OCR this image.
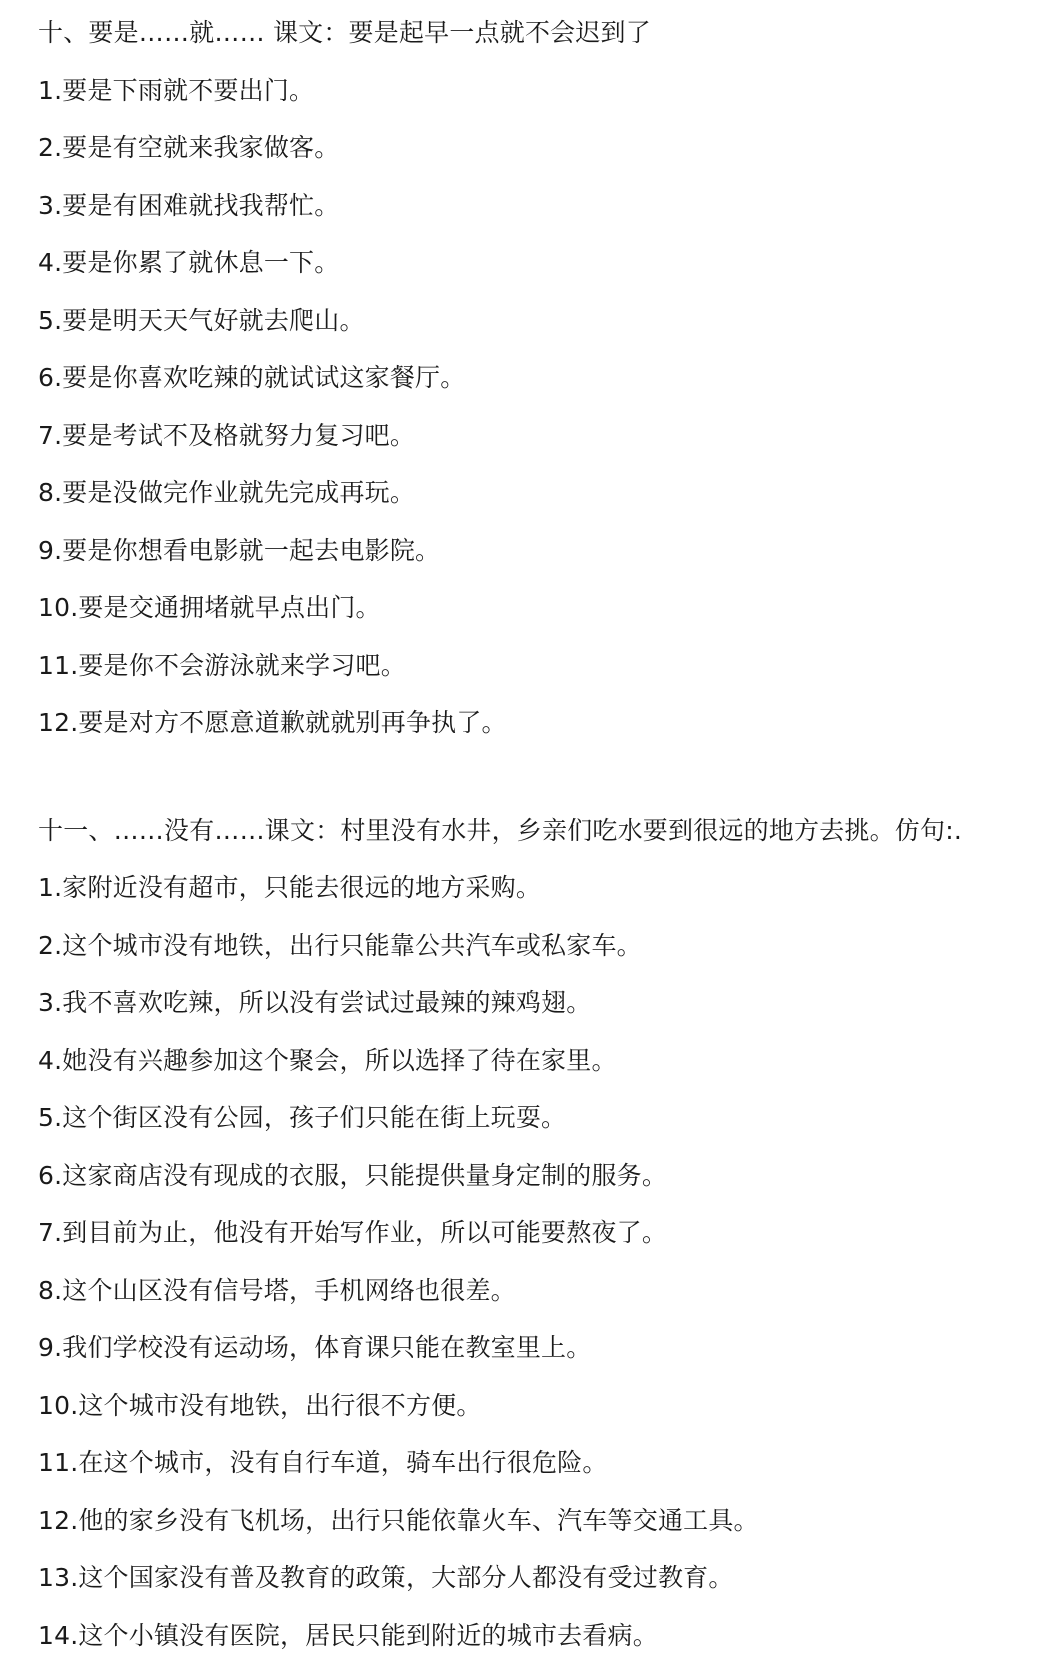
十、要是……就…… 课文：要是起早一点就不会迟到了
1.要是下雨就不要出门。
2.要是有空就来我家做客。
3.要是有困难就找我帮忙。
4.要是你累了就休息一下。
5.要是明天天气好就去爬山。
6.要是你喜欢吃辣的就试试这家餐厅。
7.要是考试不及格就努力复习吧。
8.要是没做完作业就先完成再玩。
9.要是你想看电影就一起去电影院。
10.要是交通拥堵就早点出门。
11.要是你不会游泳就来学习吧。
12.要是对方不愿意道歉就就别再争执了。
十一、……没有……课文：村里没有水井，乡亲们吃水要到很远的地方去挑。仿句:.
1.家附近没有超市，只能去很远的地方采购。
2.这个城市没有地铁，出行只能靠公共汽车或私家车。
3.我不喜欢吃辣，所以没有尝试过最辣的辣鸡翅。
4.她没有兴趣参加这个聚会，所以选择了待在家里。
5.这个街区没有公园，孩子们只能在街上玩耍。
6.这家商店没有现成的衣服，只能提供量身定制的服务。
7.到目前为止，他没有开始写作业，所以可能要熬夜了。
8.这个山区没有信号塔，手机网络也很差。
9.我们学校没有运动场，体育课只能在教室里上。
10.这个城市没有地铁，出行很不方便。
11.在这个城市，没有自行车道，骑车出行很危险。
12.他的家乡没有飞机场，出行只能依靠火车、汽车等交通工具。
13.这个国家没有普及教育的政策，大部分人都没有受过教育。
14.这个小镇没有医院，居民只能到附近的城市去看病。
